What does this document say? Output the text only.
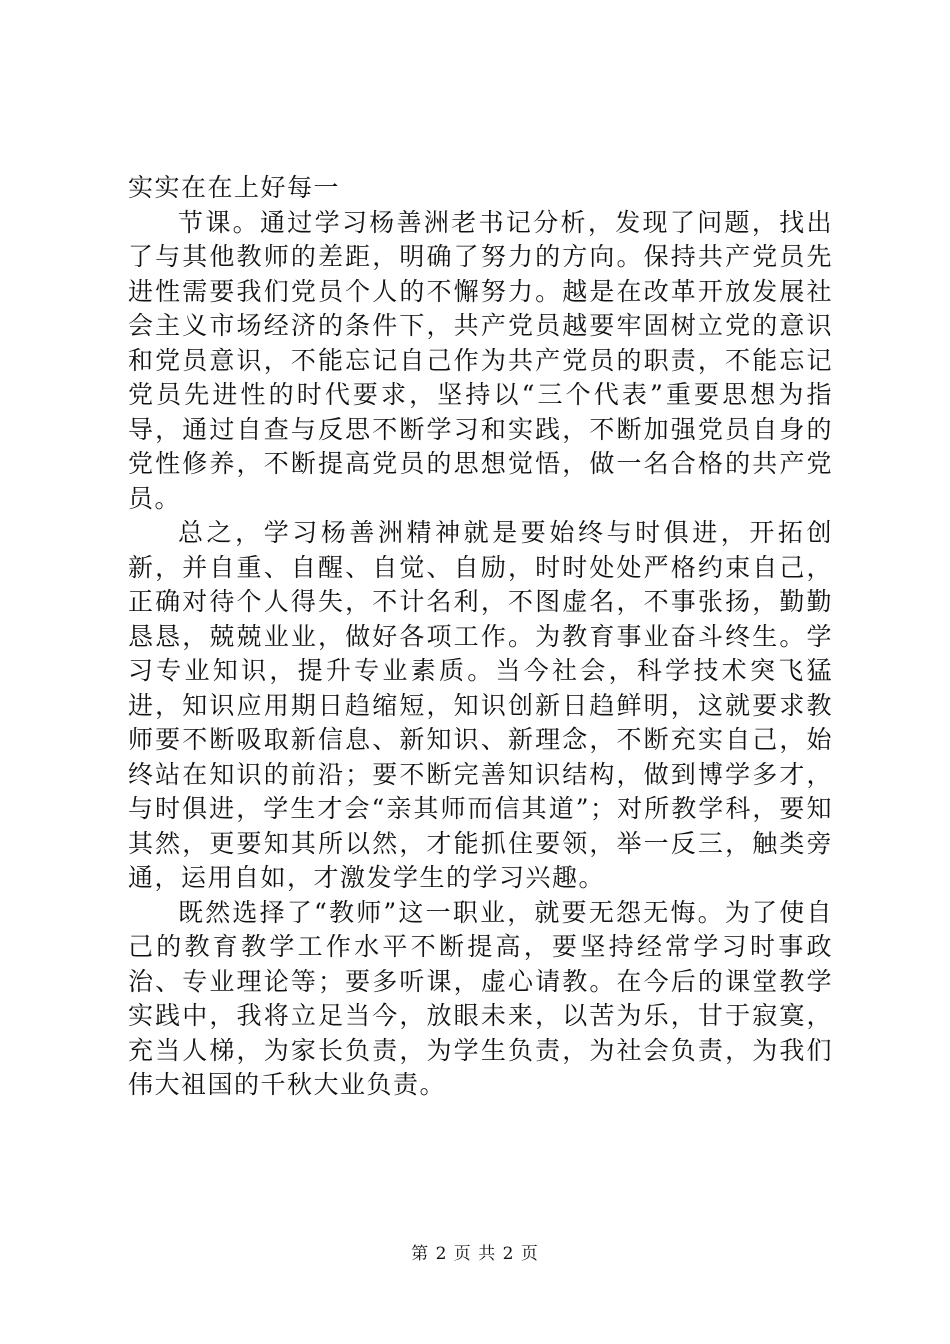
实实在在上好每一

节课。通过学习杨善洲老书记分析，发现了问题，找出了与其他教师的差距，明确了努力的方向。保持共产党员先进性需要我们党员个人的不懈努力。越是在改革开放发展社会主义市场经济的条件下，共产党员越要牢固树立党的意识和党员意识，不能忘记自己作为共产党员的职责，不能忘记党员先进性的时代要求，坚持以“三个代表”重要思想为指导，通过自查与反思不断学习和实践，不断加强党员自身的党性修养，不断提高党员的思想觉悟，做一名合格的共产党员。

总之，学习杨善洲精神就是要始终与时俱进，开拓创新，并自重、自醒、自觉、自励，时时处处严格约束自己，正确对待个人得失，不计名利，不图虚名，不事张扬，勤勤恳恳，兢兢业业，做好各项工作。为教育事业奋斗终生。学习专业知识，提升专业素质。当今社会，科学技术突飞猛进，知识应用期日趋缩短，知识创新日趋鲜明，这就要求教师要不断吸取新信息、新知识、新理念，不断充实自己，始终站在知识的前沿；要不断完善知识结构，做到博学多才，与时俱进，学生才会“亲其师而信其道”；对所教学科，要知其然，更要知其所以然，才能抓住要领，举一反三，触类旁通，运用自如，才激发学生的学习兴趣。

既然选择了“教师”这一职业，就要无怨无悔。为了使自己的教育教学工作水平不断提高，要坚持经常学习时事政治、专业理论等；要多听课，虚心请教。在今后的课堂教学实践中，我将立足当今，放眼未来，以苦为乐，甘于寂寞，充当人梯，为家长负责，为学生负责，为社会负责，为我们伟大祖国的千秋大业负责。

第 2 页 共 2 页
